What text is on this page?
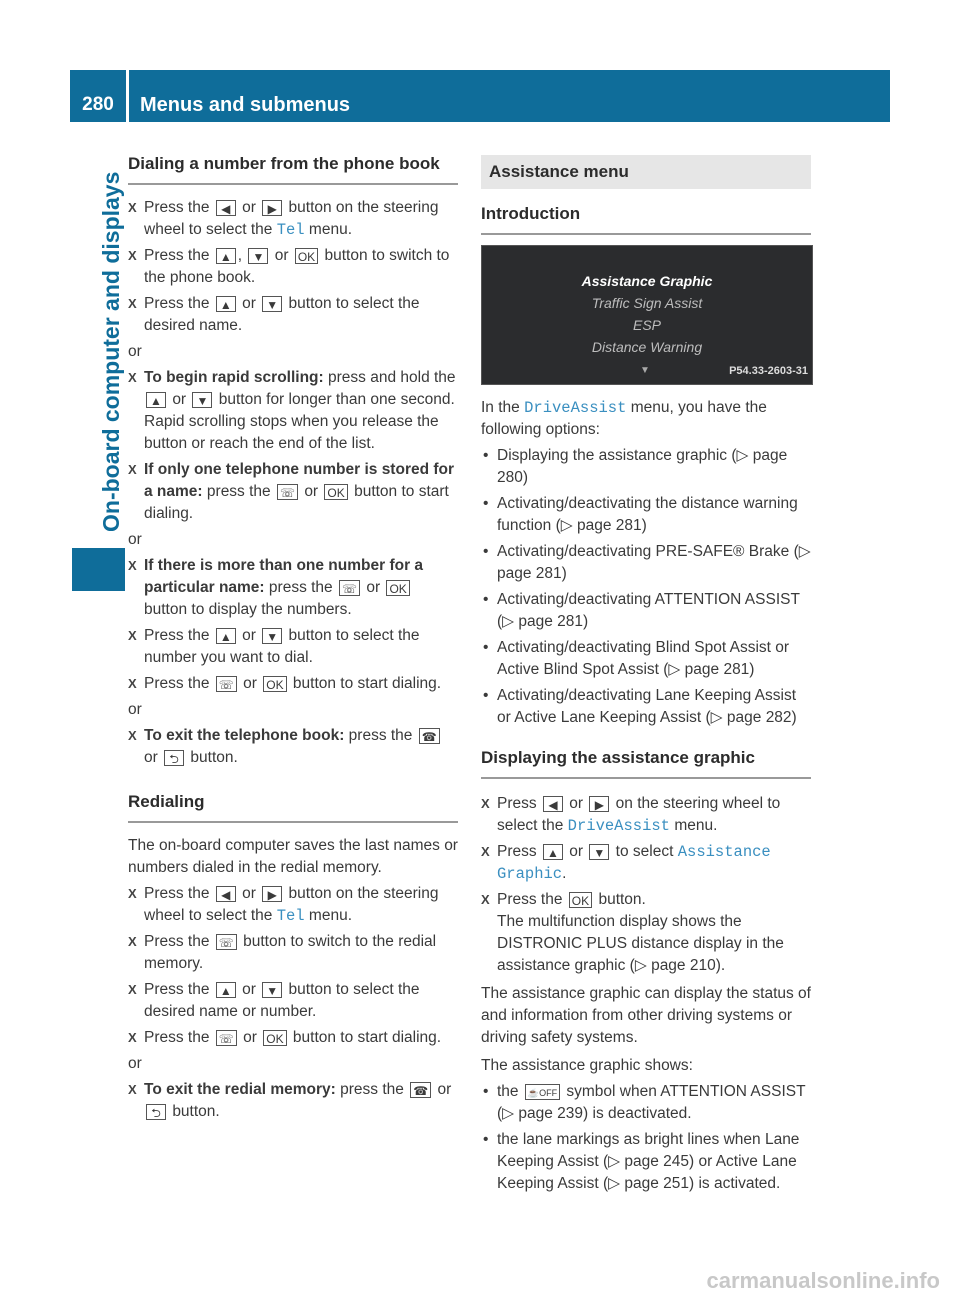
280	Menus and submenus
On-board computer and displays
Dialing a number from the phone book
X Press the ◀ or ▶ button on the steering wheel to select the Tel menu.
X Press the ▲ , ▼ or OK button to switch to the phone book.
X Press the ▲ or ▼ button to select the desired name.
or
X To begin rapid scrolling: press and hold the ▲ or ▼ button for longer than one second.
Rapid scrolling stops when you release the button or reach the end of the list.
X If only one telephone number is stored for a name: press the ☏ or OK button to start dialing.
or
X If there is more than one number for a particular name: press the ☏ or OK button to display the numbers.
X Press the ▲ or ▼ button to select the number you want to dial.
X Press the ☏ or OK button to start dialing.
or
X To exit the telephone book: press the ☎ or ⮌ button.
Redialing
The on-board computer saves the last names or numbers dialed in the redial memory.
X Press the ◀ or ▶ button on the steering wheel to select the Tel menu.
X Press the ☏ button to switch to the redial memory.
X Press the ▲ or ▼ button to select the desired name or number.
X Press the ☏ or OK button to start dialing.
or
X To exit the redial memory: press the ☎ or ⮌ button.
Assistance menu
Introduction
Assistance Graphic
Traffic Sign Assist
ESP
Distance Warning
▼	P54.33-2603-31
In the DriveAssist menu, you have the following options:
• Displaying the assistance graphic (▷ page 280)
• Activating/deactivating the distance warning function (▷ page 281)
• Activating/deactivating PRE-SAFE® Brake (▷ page 281)
• Activating/deactivating ATTENTION ASSIST (▷ page 281)
• Activating/deactivating Blind Spot Assist or Active Blind Spot Assist (▷ page 281)
• Activating/deactivating Lane Keeping Assist or Active Lane Keeping Assist (▷ page 282)
Displaying the assistance graphic
X Press ◀ or ▶ on the steering wheel to select the DriveAssist menu.
X Press ▲ or ▼ to select Assistance Graphic.
X Press the OK button.
The multifunction display shows the DISTRONIC PLUS distance display in the assistance graphic (▷ page 210).
The assistance graphic can display the status of and information from other driving systems or driving safety systems.
The assistance graphic shows:
• the ☕OFF symbol when ATTENTION ASSIST (▷ page 239) is deactivated.
• the lane markings as bright lines when Lane Keeping Assist (▷ page 245) or Active Lane Keeping Assist (▷ page 251) is activated.
carmanualsonline.info
